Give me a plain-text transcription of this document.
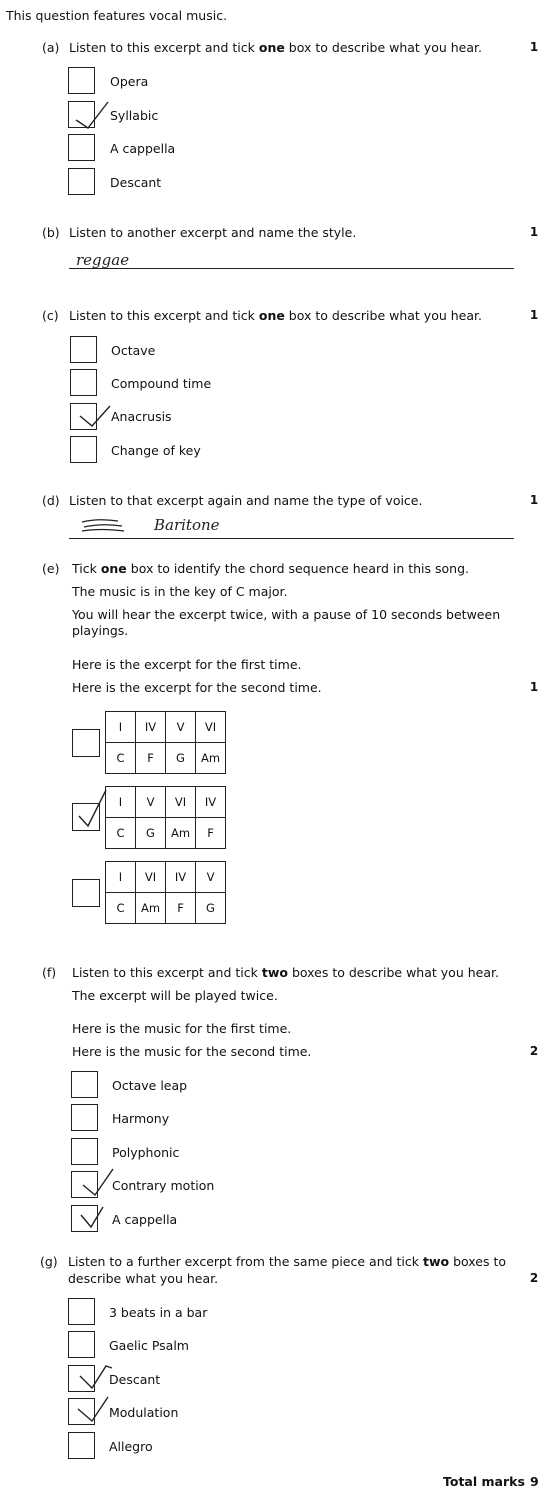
This question features vocal music.
(a) Listen to this excerpt and tick one box to describe what you hear.	1
Opera
Syllabic
A cappella
Descant
(b) Listen to another excerpt and name the style.	1
reggae
(c) Listen to this excerpt and tick one box to describe what you hear.	1
Octave
Compound time
Anacrusis
Change of key
(d) Listen to that excerpt again and name the type of voice.	1
Baritone
(e) Tick one box to identify the chord sequence heard in this song.
The music is in the key of C major.
You will hear the excerpt twice, with a pause of 10 seconds between
playings.
Here is the excerpt for the first time.
Here is the excerpt for the second time.	1
I	IV	V	VI
C	F	G	Am
I	V	VI	IV
C	G	Am	F
I	VI	IV	V
C	Am	F	G
(f) Listen to this excerpt and tick two boxes to describe what you hear.
The excerpt will be played twice.
Here is the music for the first time.
Here is the music for the second time.	2
Octave leap
Harmony
Polyphonic
Contrary motion
A cappella
(g) Listen to a further excerpt from the same piece and tick two boxes to
describe what you hear.	2
3 beats in a bar
Gaelic Psalm
Descant
Modulation
Allegro
Total marks 9
